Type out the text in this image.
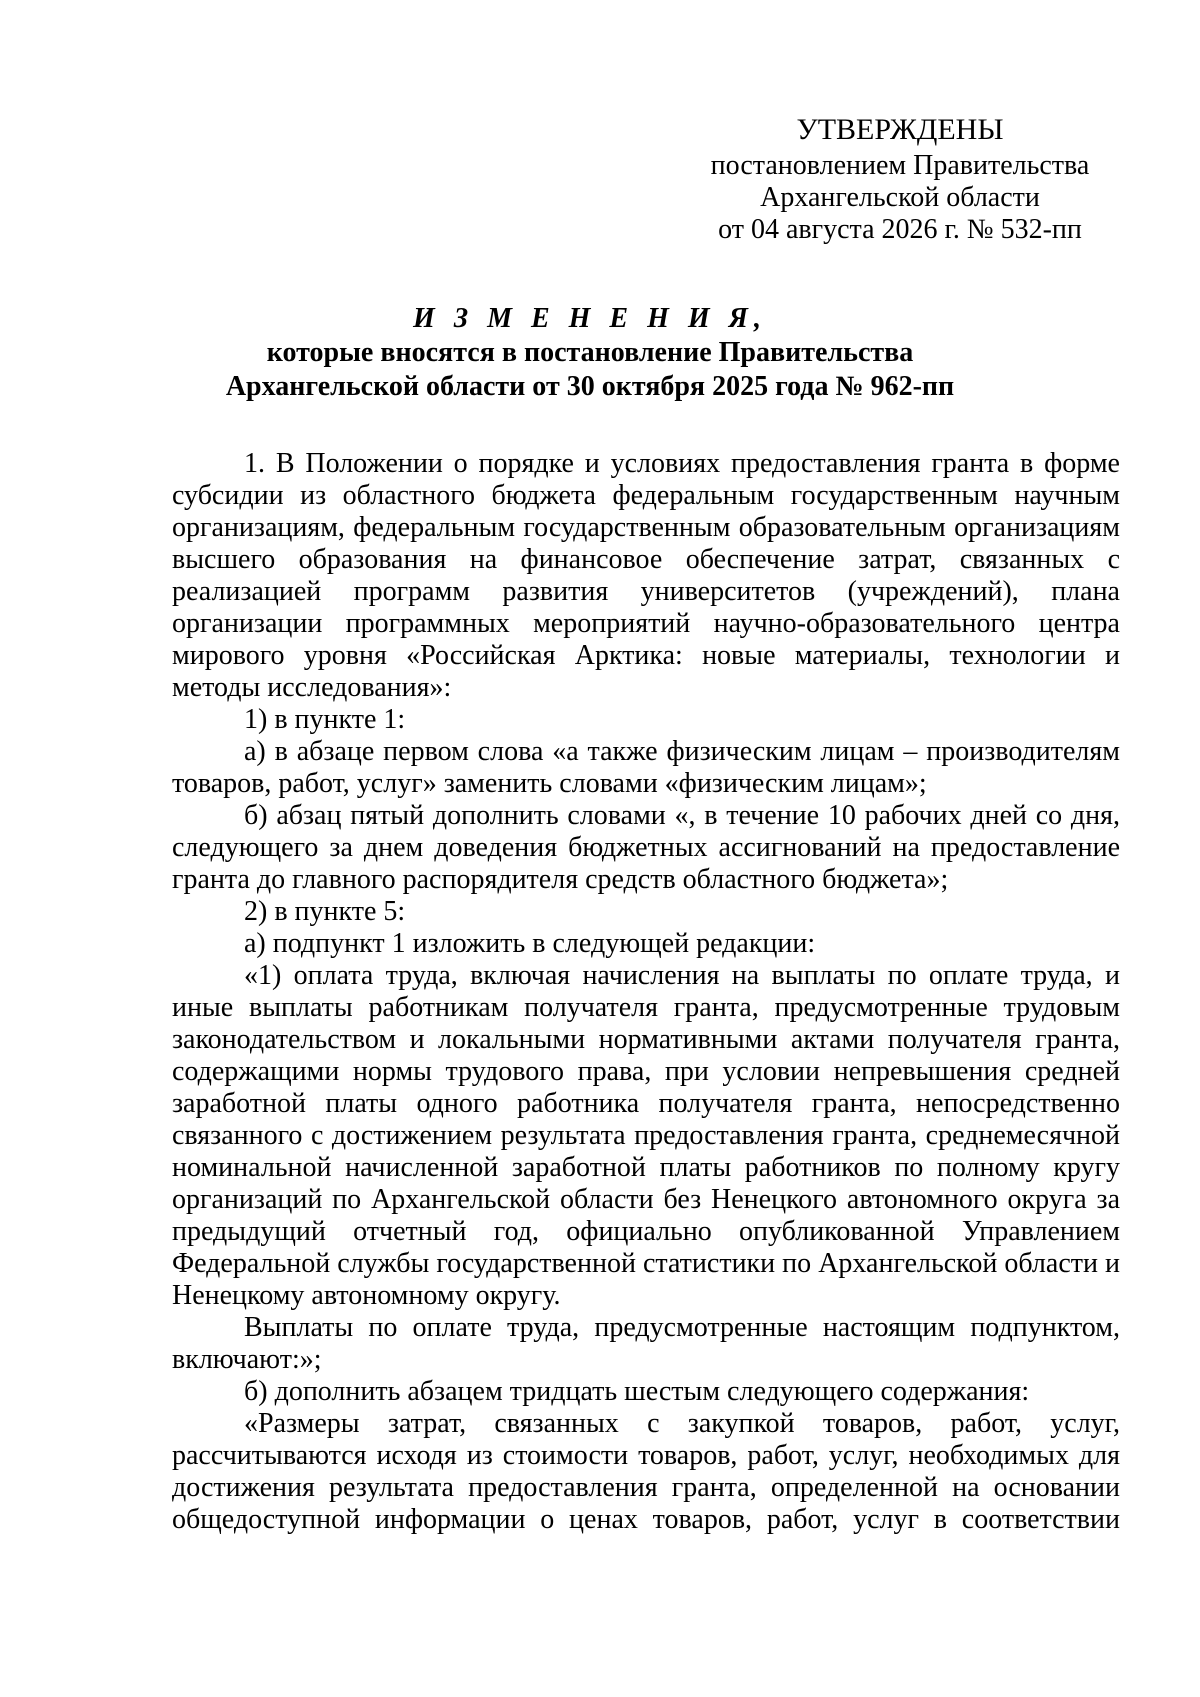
УТВЕРЖДЕНЫ
постановлением Правительства
Архангельской области
от 04 августа 2026 г. № 532-пп
И З М Е Н Е Н И Я,
которые вносятся в постановление Правительства
Архангельской области от 30 октября 2025 года № 962-пп

1. В Положении о порядке и условиях предоставления гранта в форме субсидии из областного бюджета федеральным государственным научным организациям, федеральным государственным образовательным организациям высшего образования на финансовое обеспечение затрат, связанных с реализацией программ развития университетов (учреждений), плана организации программных мероприятий научно-образовательного центра мирового уровня «Российская Арктика: новые материалы, технологии и методы исследования»:

1) в пункте 1:

а) в абзаце первом слова «а также физическим лицам – производителям товаров, работ, услуг» заменить словами «физическим лицам»;

б) абзац пятый дополнить словами «, в течение 10 рабочих дней со дня, следующего за днем доведения бюджетных ассигнований на предоставление гранта до главного распорядителя средств областного бюджета»;

2) в пункте 5:

а) подпункт 1 изложить в следующей редакции:

«1) оплата труда, включая начисления на выплаты по оплате труда, и иные выплаты работникам получателя гранта, предусмотренные трудовым законодательством и локальными нормативными актами получателя гранта, содержащими нормы трудового права, при условии непревышения средней заработной платы одного работника получателя гранта, непосредственно связанного с достижением результата предоставления гранта, среднемесячной номинальной начисленной заработной платы работников по полному кругу организаций по Архангельской области без Ненецкого автономного округа за предыдущий отчетный год, официально опубликованной Управлением Федеральной службы государственной статистики по Архангельской области и Ненецкому автономному округу.

Выплаты по оплате труда, предусмотренные настоящим подпунктом, включают:»;

б) дополнить абзацем тридцать шестым следующего содержания:

«Размеры затрат, связанных с закупкой товаров, работ, услуг, рассчитываются исходя из стоимости товаров, работ, услуг, необходимых для достижения результата предоставления гранта, определенной на основании общедоступной информации о ценах товаров, работ, услуг в соответствии
